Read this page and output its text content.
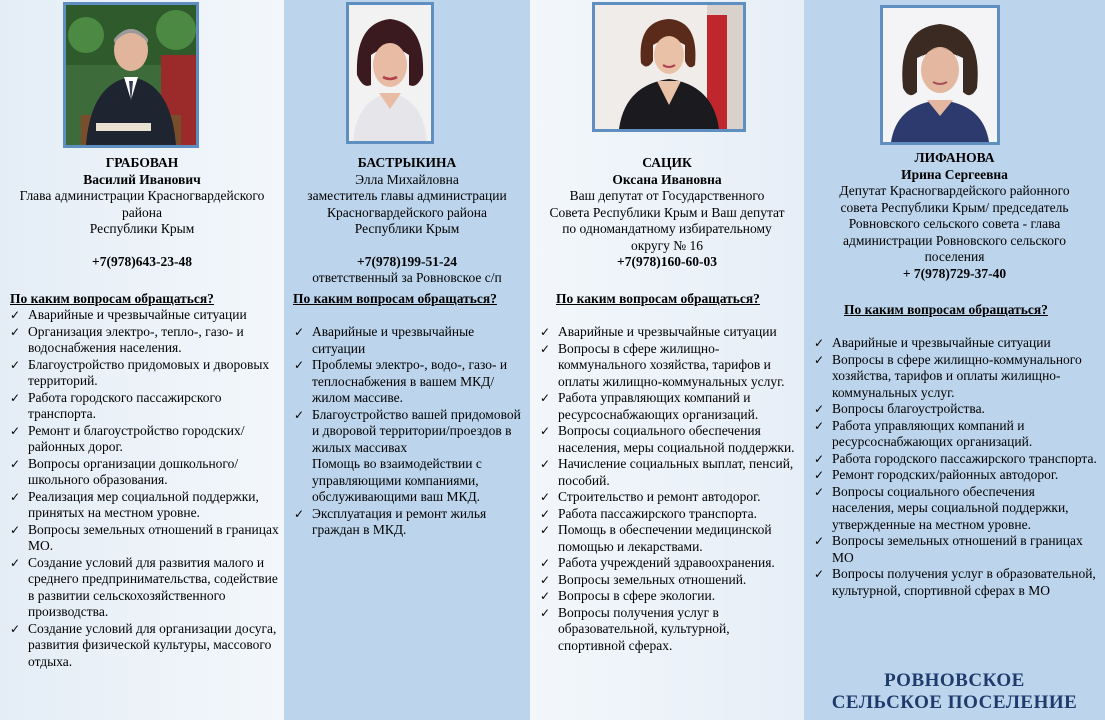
ГРАБОВАН
Василий Иванович
Глава администрации Красногвардейского
района
Республики Крым
+7(978)643-23-48
По каким вопросам обращаться?
✓ Аварийные и чрезвычайные ситуации
✓ Организация электро-, тепло-, газо- и водоснабжения населения.
✓ Благоустройство придомовых и дворовых территорий.
✓ Работа городского пассажирского транспорта.
✓ Ремонт и благоустройство городских/районных дорог.
✓ Вопросы организации дошкольного/школьного образования.
✓ Реализация мер социальной поддержки, принятых на местном уровне.
✓ Вопросы земельных отношений в границах МО.
✓ Создание условий для развития малого и среднего предпринимательства, содействие в развитии сельскохозяйственного производства.
✓ Создание условий для организации досуга, развития физической культуры, массового отдыха.
БАСТРЫКИНА
Элла Михайловна
заместитель главы администрации
Красногвардейского района
Республики Крым
+7(978)199-51-24
ответственный за Ровновское с/п
По каким вопросам обращаться?
✓ Аварийные и чрезвычайные ситуации
✓ Проблемы электро-, водо-, газо- и теплоснабжения в вашем МКД/жилом массиве.
✓ Благоустройство вашей придомовой и дворовой территории/проездов в жилых массивах
Помощь во взаимодействии с управляющими компаниями, обслуживающими ваш МКД.
✓ Эксплуатация и ремонт жилья граждан в МКД.
САЦИК
Оксана Ивановна
Ваш депутат от Государственного
Совета Республики Крым и Ваш депутат
по одномандатному избирательному
округу № 16
+7(978)160-60-03
По каким вопросам обращаться?
✓ Аварийные и чрезвычайные ситуации
✓ Вопросы в сфере жилищно-коммунального хозяйства, тарифов и оплаты жилищно-коммунальных услуг.
✓ Работа управляющих компаний и ресурсоснабжающих организаций.
✓ Вопросы социального обеспечения населения, меры социальной поддержки.
✓ Начисление социальных выплат, пенсий, пособий.
✓ Строительство и ремонт автодорог.
✓ Работа пассажирского транспорта.
✓ Помощь в обеспечении медицинской помощью и лекарствами.
✓ Работа учреждений здравоохранения.
✓ Вопросы земельных отношений.
✓ Вопросы в сфере экологии.
✓ Вопросы получения услуг в образовательной, культурной, спортивной сферах.
ЛИФАНОВА
Ирина Сергеевна
Депутат Красногвардейского районного
совета Республики Крым/ председатель
Ровновского сельского совета - глава
администрации Ровновского сельского
поселения
+ 7(978)729-37-40
По каким вопросам обращаться?
✓ Аварийные и чрезвычайные ситуации
✓ Вопросы в сфере жилищно-коммунального хозяйства, тарифов и оплаты жилищно-коммунальных услуг.
✓ Вопросы благоустройства.
✓ Работа управляющих компаний и ресурсоснабжающих организаций.
✓ Работа городского пассажирского транспорта.
✓ Ремонт городских/районных автодорог.
✓ Вопросы социального обеспечения населения, меры социальной поддержки, утвержденные на местном уровне.
✓ Вопросы земельных отношений в границах МО
✓ Вопросы получения услуг в образовательной, культурной, спортивной сферах в МО
РОВНОВСКОЕ
СЕЛЬСКОЕ ПОСЕЛЕНИЕ
